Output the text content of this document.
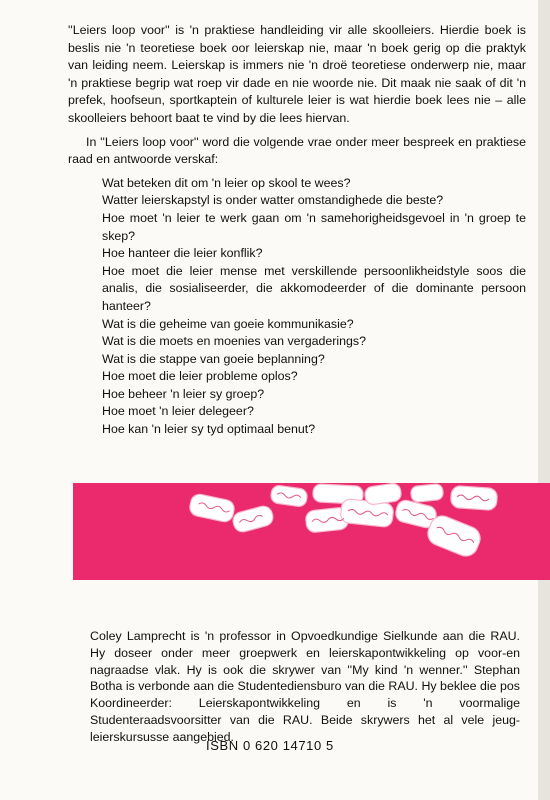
''Leiers loop voor'' is 'n praktiese handleiding vir alle skoolleiers. Hierdie boek is beslis nie 'n teoretiese boek oor leierskap nie, maar 'n boek gerig op die praktyk van leiding neem. Leierskap is immers nie 'n droë teoretiese onderwerp nie, maar 'n praktiese begrip wat roep vir dade en nie woorde nie. Dit maak nie saak of dit 'n prefek, hoofseun, sportkaptein of kulturele leier is wat hierdie boek lees nie – alle skoolleiers behoort baat te vind by die lees hiervan.

In ''Leiers loop voor'' word die volgende vrae onder meer bespreek en praktiese raad en antwoorde verskaf:

Wat beteken dit om 'n leier op skool te wees?
Watter leierskapstyl is onder watter omstandighede die beste?
Hoe moet 'n leier te werk gaan om 'n samehorigheidsgevoel in 'n groep te skep?
Hoe hanteer die leier konflik?
Hoe moet die leier mense met verskillende persoonlikheidstyle soos die analis, die sosialiseerder, die akkomodeerder of die dominante persoon hanteer?
Wat is die geheime van goeie kommunikasie?
Wat is die moets en moenies van vergaderings?
Wat is die stappe van goeie beplanning?
Hoe moet die leier probleme oplos?
Hoe beheer 'n leier sy groep?
Hoe moet 'n leier delegeer?
Hoe kan 'n leier sy tyd optimaal benut?

Coley Lamprecht is 'n professor in Opvoedkundige Sielkunde aan die RAU. Hy doseer onder meer groepwerk en leierskapontwikkeling op voor-en nagraadse vlak. Hy is ook die skrywer van ''My kind 'n wenner.'' Stephan Botha is verbonde aan die Studentediensburo van die RAU. Hy beklee die pos Koordineerder: Leierskapontwikkeling en is 'n voormalige Studenteraadsvoorsitter van die RAU. Beide skrywers het al vele jeug-leierskursusse aangebied.

ISBN 0 620 14710 5
